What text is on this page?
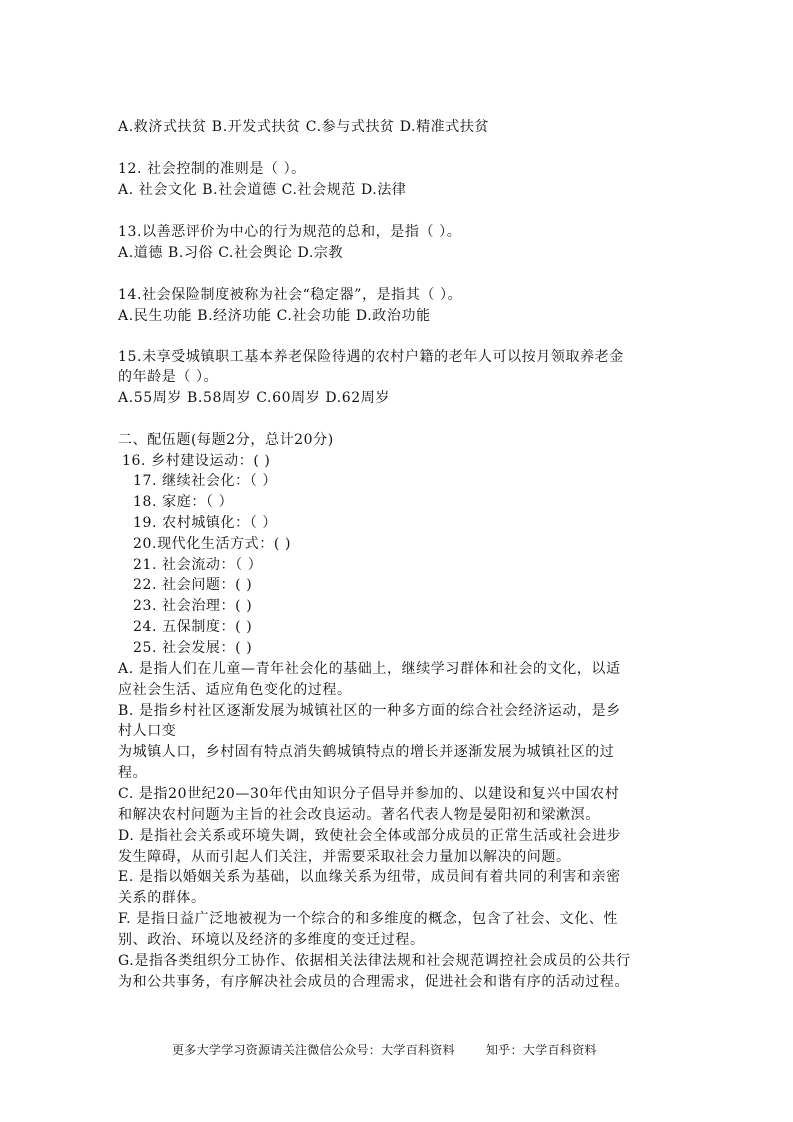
A.救济式扶贫 B.开发式扶贫 C.参与式扶贫 D.精准式扶贫
12. 社会控制的准则是（ ）。
A. 社会文化 B.社会道德 C.社会规范 D.法律
13.以善恶评价为中心的行为规范的总和，是指（ ）。
A.道德 B.习俗 C.社会舆论 D.宗教
14.社会保险制度被称为社会“稳定器”，是指其（ ）。
A.民生功能 B.经济功能 C.社会功能 D.政治功能
15.未享受城镇职工基本养老保险待遇的农村户籍的老年人可以按月领取养老金
的年龄是（ ）。
A.55周岁 B.58周岁 C.60周岁 D.62周岁
二、配伍题(每题2分，总计20分)
16. 乡村建设运动：( )
17. 继续社会化：（ ）
18. 家庭：（ ）
19. 农村城镇化：（ ）
20.现代化生活方式：( )
21. 社会流动：（ ）
22. 社会问题：( )
23. 社会治理：( )
24. 五保制度：( )
25. 社会发展：( )
A. 是指人们在儿童—青年社会化的基础上，继续学习群体和社会的文化，以适
应社会生活、适应角色变化的过程。
B. 是指乡村社区逐渐发展为城镇社区的一种多方面的综合社会经济运动，是乡
村人口变
为城镇人口，乡村固有特点消失鹤城镇特点的增长并逐渐发展为城镇社区的过
程。
C. 是指20世纪20—30年代由知识分子倡导并参加的、以建设和复兴中国农村
和解决农村问题为主旨的社会改良运动。著名代表人物是晏阳初和梁漱溟。
D. 是指社会关系或环境失调，致使社会全体或部分成员的正常生活或社会进步
发生障碍，从而引起人们关注，并需要采取社会力量加以解决的问题。
E. 是指以婚姻关系为基础，以血缘关系为纽带，成员间有着共同的利害和亲密
关系的群体。
F. 是指日益广泛地被视为一个综合的和多维度的概念，包含了社会、文化、性
别、政治、环境以及经济的多维度的变迁过程。
G.是指各类组织分工协作、依据相关法律法规和社会规范调控社会成员的公共行
为和公共事务，有序解决社会成员的合理需求，促进社会和谐有序的活动过程。
更多大学学习资源请关注微信公众号：大学百科资料	知乎：大学百科资料
